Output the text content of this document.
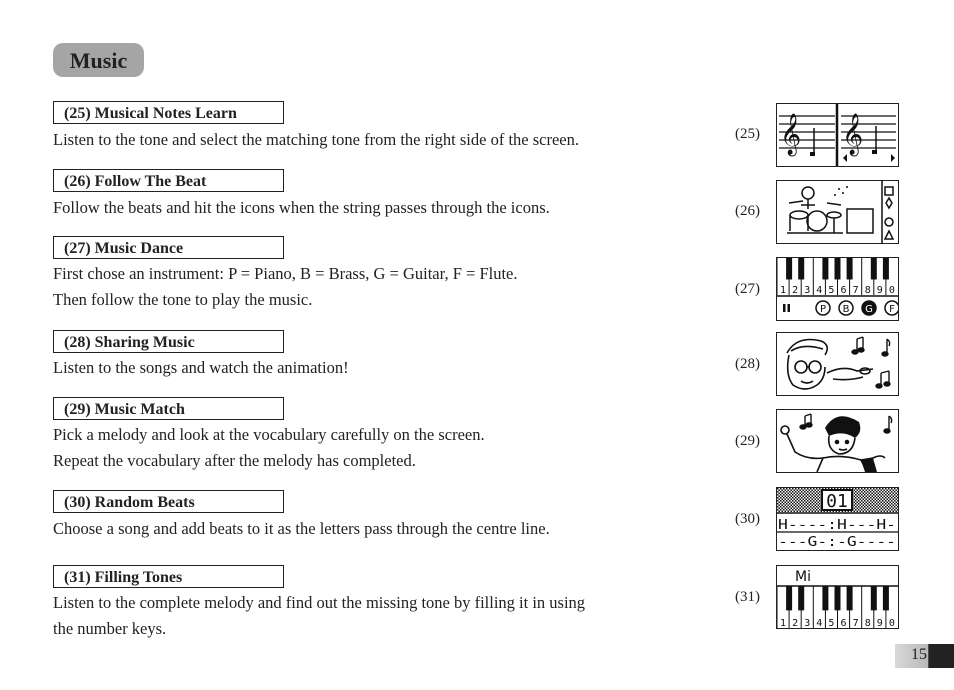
Music
(25) Musical Notes Learn
Listen to the tone and select the matching tone from the right side of the screen.	(25) 𝄞 𝄞
(26) Follow The Beat
Follow the beats and hit the icons when the string passes through the icons.	(26)
(27) Music Dance
First chose an instrument: P = Piano, B = Brass, G = Guitar, F = Flute.
Then follow the tone to play the music.
(27) 1 2 3 4 5 6 7 8 9 0
P B G F
(28) Sharing Music
Listen to the songs and watch the animation!	(28)
(29) Music Match
Pick a melody and look at the vocabulary carefully on the screen.
Repeat the vocabulary after the melody has completed.
(29)
(30) Random Beats
Choose a song and add beats to it as the letters pass through the centre line.	(30)
01
H----:H---H-
---G-:-G----
(31) Filling Tones
Listen to the complete melody and find out the missing tone by filling it in using
the number keys.
(31)
Mi
1 2 3 4 5 6 7 8 9 0
15
